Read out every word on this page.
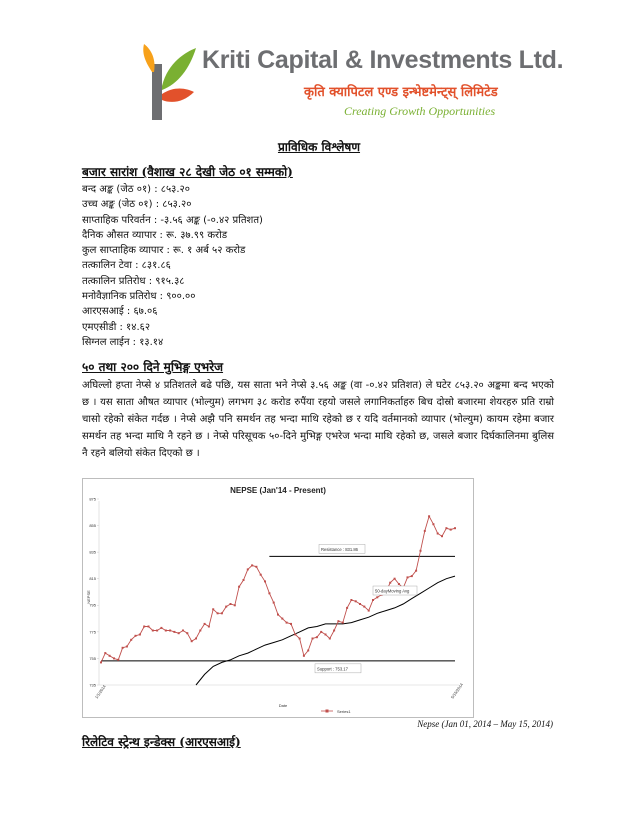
Kriti Capital & Investments Ltd.
कृति क्यापिटल एण्ड इन्भेष्टमेन्ट्स् लिमिटेड
Creating Growth Opportunities
प्राविधिक विश्लेषण
बजार सारांश (वैशाख २८ देखी जेठ ०१ सम्मको)
बन्द अङ्क (जेठ ०१) : ८५३.२०
उच्च अङ्क (जेठ ०१) : ८५३.२०
साप्ताहिक परिवर्तन : -३.५६ अङ्क (-०.४२ प्रतिशत)
दैनिक औसत व्यापार : रू. ३७.९९ करोड
कुल साप्ताहिक व्यापार : रू. १ अर्ब ५२ करोड
तत्कालिन टेवा : ८३१.८६
तत्कालिन प्रतिरोध : ९१५.३८
मनोवैज्ञानिक प्रतिरोध : ९००.००
आरएसआई : ६७.०६
एमएसीडी : १४.६२
सिग्नल लाईन : १३.१४
५० तथा २०० दिने मुभिङ्ग एभरेज
अघिल्लो हप्ता नेप्से ४ प्रतिशतले बढे पछि, यस साता भने नेप्से ३.५६ अङ्क (वा -०.४२ प्रतिशत) ले घटेर ८५३.२० अङ्कमा बन्द भएको छ । यस साता औषत व्यापार (भोल्युम) लगभग ३८ करोड रुपैंया रहयो जसले लगानिकर्ताहरु बिच दोस्रो बजारमा शेयरहरु प्रति राम्रो चासो रहेको संकेत गर्दछ । नेप्से अझै पनि समर्थन तह भन्दा माथि रहेको छ र यदि वर्तमानको व्यापार (भोल्युम) कायम रहेमा बजार समर्थन तह भन्दा माथि नै रहने छ । नेप्से परिसूचक ५०-दिने मुभिङ्ग एभरेज भन्दा माथि रहेको छ, जसले बजार दिर्घकालिनमा बुलिस नै रहने बलियो संकेत दिएको छ ।
NEPSE (Jan'14 - Present)
735
755
775
795
815
835
855
875
NEPSE
1/1/2014	5/15/2014
Date
Resistance : 831.86
50-dayMoving Avg
Support : 753.17
Series1
Nepse (Jan 01, 2014 – May 15, 2014)
रिलेटिव स्ट्रेन्थ इन्डेक्स (आरएसआई)
